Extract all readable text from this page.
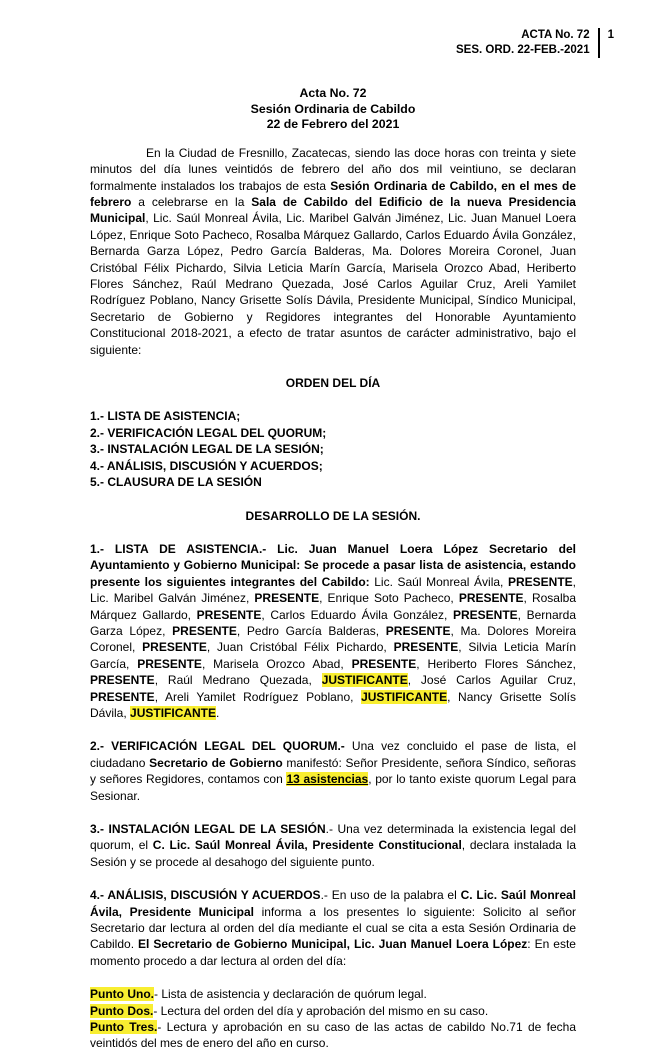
ACTA No. 72
SES. ORD. 22-FEB.-2021
1
Acta No. 72
Sesión Ordinaria de Cabildo
22 de Febrero del 2021

En la Ciudad de Fresnillo, Zacatecas, siendo las doce horas con treinta y siete minutos del día lunes veintidós de febrero del año dos mil veintiuno, se declaran formalmente instalados los trabajos de esta Sesión Ordinaria de Cabildo, en el mes de febrero a celebrarse en la Sala de Cabildo del Edificio de la nueva Presidencia Municipal, Lic. Saúl Monreal Ávila, Lic. Maribel Galván Jiménez, Lic. Juan Manuel Loera López, Enrique Soto Pacheco, Rosalba Márquez Gallardo, Carlos Eduardo Ávila González, Bernarda Garza López, Pedro García Balderas, Ma. Dolores Moreira Coronel, Juan Cristóbal Félix Pichardo, Silvia Leticia Marín García, Marisela Orozco Abad, Heriberto Flores Sánchez, Raúl Medrano Quezada, José Carlos Aguilar Cruz, Areli Yamilet Rodríguez Poblano, Nancy Grisette Solís Dávila, Presidente Municipal, Síndico Municipal, Secretario de Gobierno y Regidores integrantes del Honorable Ayuntamiento Constitucional 2018-2021, a efecto de tratar asuntos de carácter administrativo, bajo el siguiente:

ORDEN DEL DÍA
1.- LISTA DE ASISTENCIA;
2.- VERIFICACIÓN LEGAL DEL QUORUM;
3.- INSTALACIÓN LEGAL DE LA SESIÓN;
4.- ANÁLISIS, DISCUSIÓN Y ACUERDOS;
5.- CLAUSURA DE LA SESIÓN
DESARROLLO DE LA SESIÓN.

1.- LISTA DE ASISTENCIA.- Lic. Juan Manuel Loera López Secretario del Ayuntamiento y Gobierno Municipal: Se procede a pasar lista de asistencia, estando presente los siguientes integrantes del Cabildo: Lic. Saúl Monreal Ávila, PRESENTE, Lic. Maribel Galván Jiménez, PRESENTE, Enrique Soto Pacheco, PRESENTE, Rosalba Márquez Gallardo, PRESENTE, Carlos Eduardo Ávila González, PRESENTE, Bernarda Garza López, PRESENTE, Pedro García Balderas, PRESENTE, Ma. Dolores Moreira Coronel, PRESENTE, Juan Cristóbal Félix Pichardo, PRESENTE, Silvia Leticia Marín García, PRESENTE, Marisela Orozco Abad, PRESENTE, Heriberto Flores Sánchez, PRESENTE, Raúl Medrano Quezada, JUSTIFICANTE, José Carlos Aguilar Cruz, PRESENTE, Areli Yamilet Rodríguez Poblano, JUSTIFICANTE, Nancy Grisette Solís Dávila, JUSTIFICANTE.

2.- VERIFICACIÓN LEGAL DEL QUORUM.- Una vez concluido el pase de lista, el ciudadano Secretario de Gobierno manifestó: Señor Presidente, señora Síndico, señoras y señores Regidores, contamos con 13 asistencias, por lo tanto existe quorum Legal para Sesionar.

3.- INSTALACIÓN LEGAL DE LA SESIÓN.- Una vez determinada la existencia legal del quorum, el C. Lic. Saúl Monreal Ávila, Presidente Constitucional, declara instalada la Sesión y se procede al desahogo del siguiente punto.

4.- ANÁLISIS, DISCUSIÓN Y ACUERDOS.- En uso de la palabra el C. Lic. Saúl Monreal Ávila, Presidente Municipal informa a los presentes lo siguiente: Solicito al señor Secretario dar lectura al orden del día mediante el cual se cita a esta Sesión Ordinaria de Cabildo. El Secretario de Gobierno Municipal, Lic. Juan Manuel Loera López: En este momento procedo a dar lectura al orden del día:

Punto Uno.- Lista de asistencia y declaración de quórum legal.
Punto Dos.- Lectura del orden del día y aprobación del mismo en su caso.
Punto Tres.- Lectura y aprobación en su caso de las actas de cabildo No.71 de fecha veintidós del mes de enero del año en curso.
